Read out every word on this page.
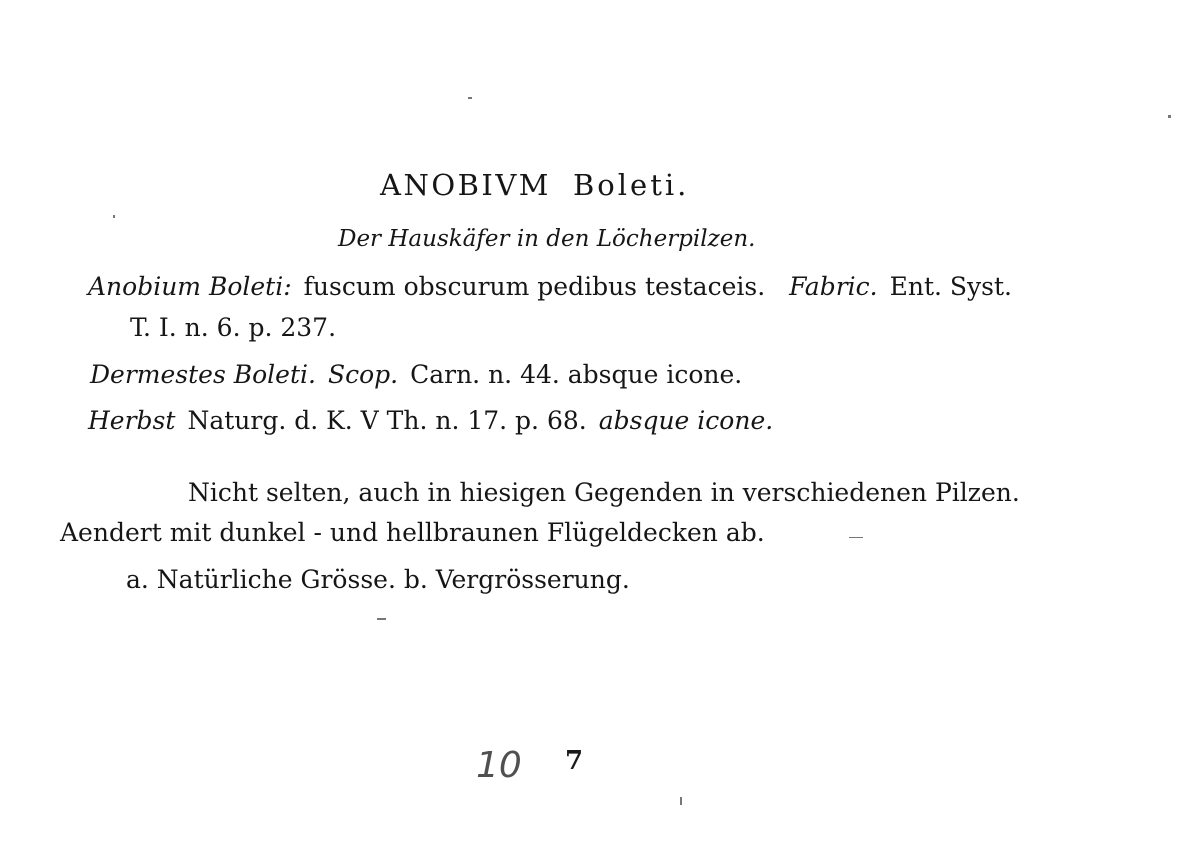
ANOBIVM Boleti.
Der Hauskäfer in den Löcherpilzen.
Anobium Boleti: fuscum obscurum pedibus testaceis. Fabric. Ent. Syst.
T. I. n. 6. p. 237.
Dermestes Boleti. Scop. Carn. n. 44. absque icone.
Herbst Naturg. d. K. V Th. n. 17. p. 68. absque icone.
Nicht selten, auch in hiesigen Gegenden in verschiedenen Pilzen.
Aendert mit dunkel - und hellbraunen Flügeldecken ab.
a. Natürliche Grösse. b. Vergrösserung.
10 7
